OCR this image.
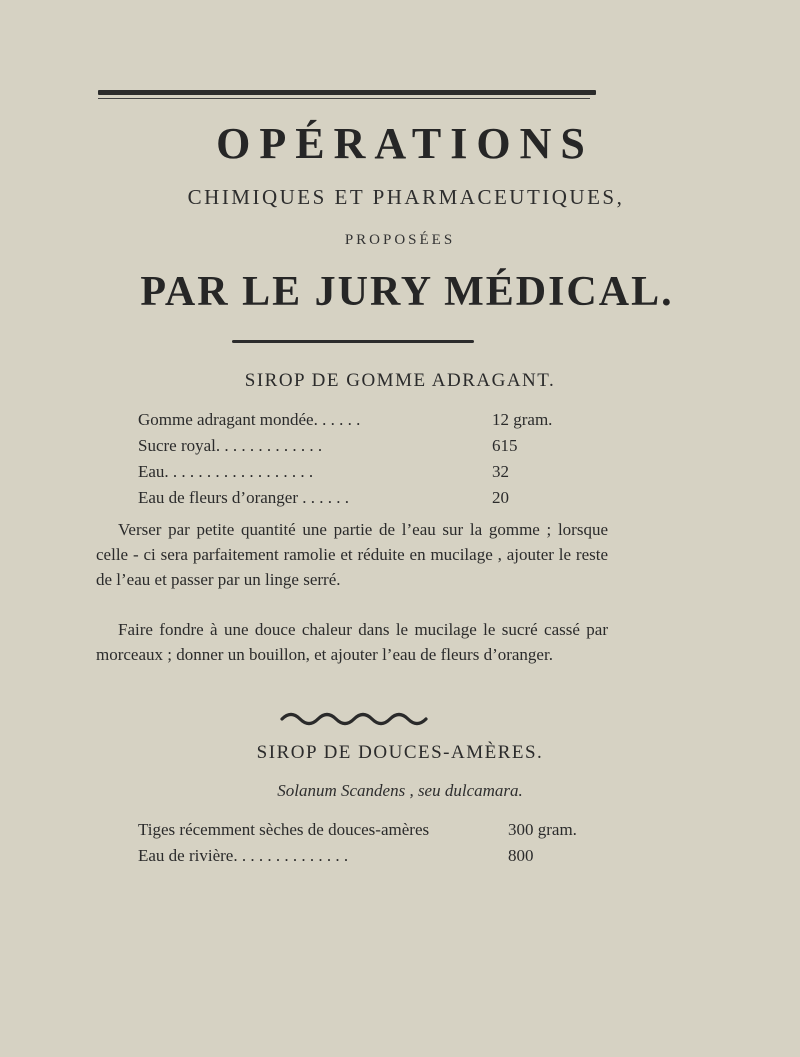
OPÉRATIONS
CHIMIQUES ET PHARMACEUTIQUES,
PROPOSÉES
PAR LE JURY MÉDICAL.
SIROP DE GOMME ADRAGANT.
Gomme adragant mondée. . . . . .	12 gram.
Sucre royal. . . . . . . . . . . . .	615
Eau. . . . . . . . . . . . . . . . . .	32
Eau de fleurs d’oranger . . . . . .	20

Verser par petite quantité une partie de l’eau sur la gomme ; lorsque celle - ci sera parfaitement ramolie et réduite en mucilage , ajouter le reste de l’eau et passer par un linge serré.

Faire fondre à une douce chaleur dans le mucilage le sucré cassé par morceaux ; donner un bouillon, et ajouter l’eau de fleurs d’oranger.

SIROP DE DOUCES-AMÈRES.
Solanum Scandens , seu dulcamara.
Tiges récemment sèches de douces-amères	300 gram.
Eau de rivière. . . . . . . . . . . . . .	800
